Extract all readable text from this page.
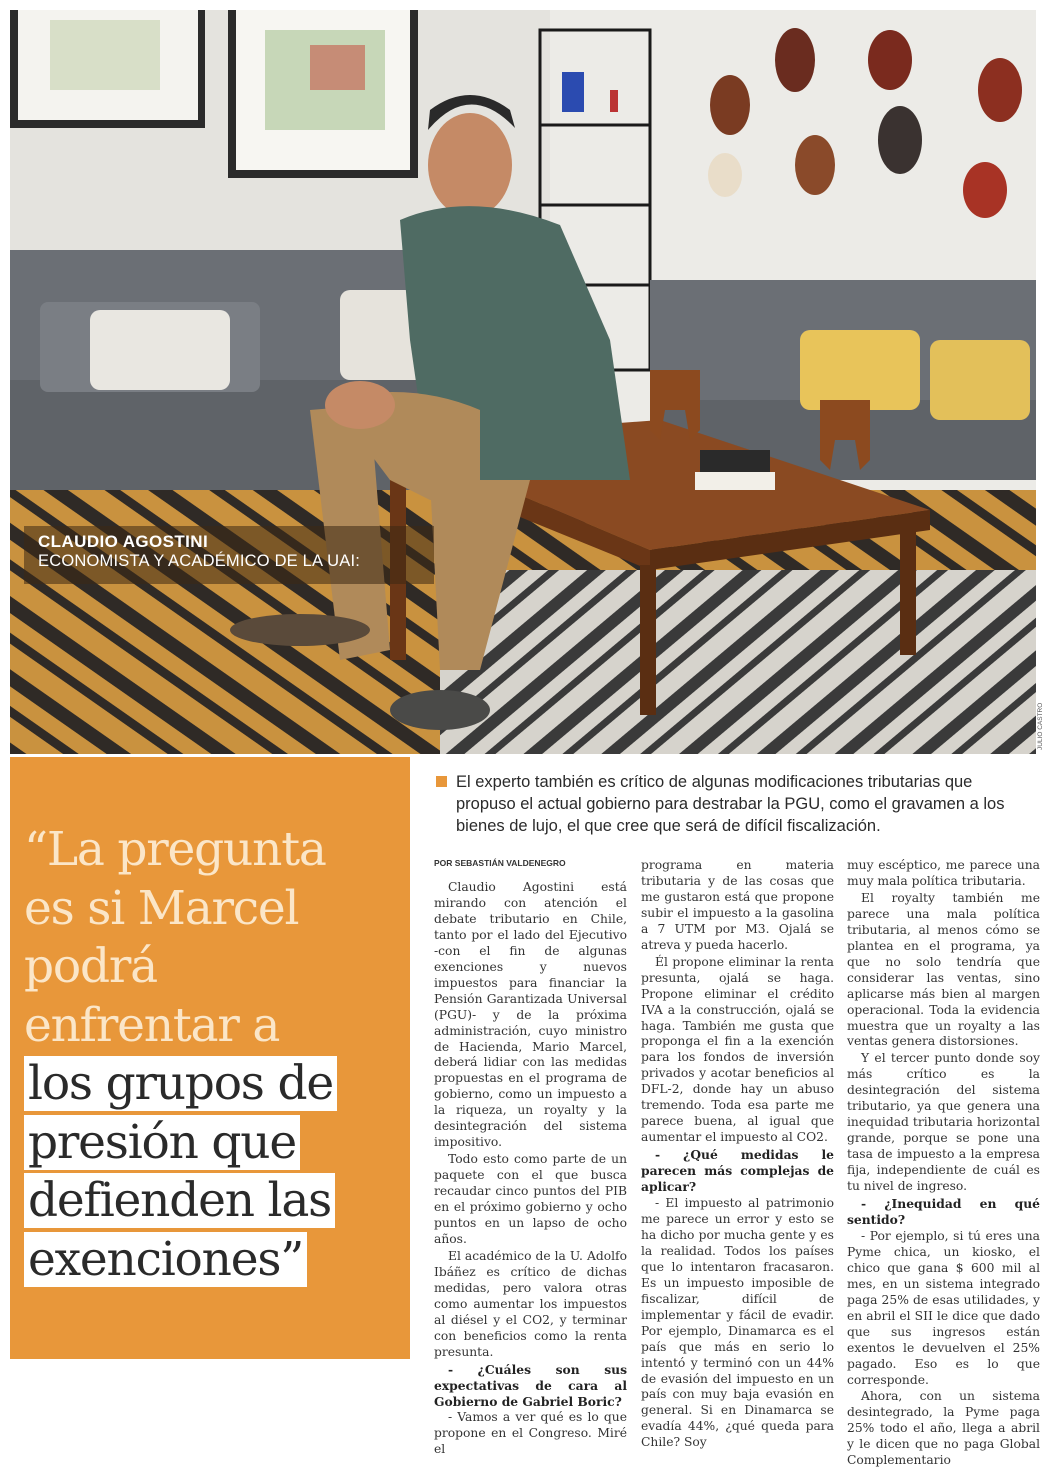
CLAUDIO AGOSTINI
ECONOMISTA Y ACADÉMICO DE LA UAI:
JULIO CASTRO
“La pregunta
es si Marcel
podrá
enfrentar a
los grupos de
presión que
defienden las
exenciones”

El experto también es crítico de algunas modificaciones tributarias que propuso el actual gobierno para destrabar la PGU, como el gravamen a los bienes de lujo, el que cree que será de difícil fiscalización.

POR SEBASTIÁN VALDENEGRO

Claudio Agostini está mirando con atención el debate tributario en Chile, tanto por el lado del Ejecutivo -con el fin de algunas exenciones y nuevos impuestos para financiar la Pensión Garantizada Universal (PGU)- y de la próxima administración, cuyo ministro de Hacienda, Mario Marcel, deberá lidiar con las medidas propuestas en el programa de gobierno, como un impuesto a la riqueza, un royalty y la desintegración del sistema impositivo.

Todo esto como parte de un paquete con el que busca recaudar cinco puntos del PIB en el próximo gobierno y ocho puntos en un lapso de ocho años.

El académico de la U. Adolfo Ibáñez es crítico de dichas medidas, pero valora otras como aumentar los impuestos al diésel y el CO2, y terminar con beneficios como la renta presunta.

- ¿Cuáles son sus expectativas de cara al Gobierno de Gabriel Boric?

- Vamos a ver qué es lo que propone en el Congreso. Miré el

programa en materia tributaria y de las cosas que me gustaron está que propone subir el impuesto a la gasolina a 7 UTM por M3. Ojalá se atreva y pueda hacerlo.

Él propone eliminar la renta presunta, ojalá se haga. Propone eliminar el crédito IVA a la construcción, ojalá se haga. También me gusta que proponga el fin a la exención para los fondos de inversión privados y acotar beneficios al DFL-2, donde hay un abuso tremendo. Toda esa parte me parece buena, al igual que aumentar el impuesto al CO2.

- ¿Qué medidas le parecen más complejas de aplicar?

- El impuesto al patrimonio me parece un error y esto se ha dicho por mucha gente y es la realidad. Todos los países que lo intentaron fracasaron. Es un impuesto imposible de fiscalizar, difícil de implementar y fácil de evadir. Por ejemplo, Dinamarca es el país que más en serio lo intentó y terminó con un 44% de evasión del impuesto en un país con muy baja evasión en general. Si en Dinamarca se evadía 44%, ¿qué queda para Chile? Soy

muy escéptico, me parece una muy mala política tributaria.

El royalty también me parece una mala política tributaria, al menos cómo se plantea en el programa, ya que no solo tendría que considerar las ventas, sino aplicarse más bien al margen operacional. Toda la evidencia muestra que un royalty a las ventas genera distorsiones.

Y el tercer punto donde soy más crítico es la desintegración del sistema tributario, ya que genera una inequidad tributaria horizontal grande, porque se pone una tasa de impuesto a la empresa fija, independiente de cuál es tu nivel de ingreso.

- ¿Inequidad en qué sentido?

- Por ejemplo, si tú eres una Pyme chica, un kiosko, el chico que gana $ 600 mil al mes, en un sistema integrado paga 25% de esas utilidades, y en abril el SII le dice que dado que sus ingresos están exentos le devuelven el 25% pagado. Eso es lo que corresponde.

Ahora, con un sistema desintegrado, la Pyme paga 25% todo el año, llega a abril y le dicen que no paga Global Complementario
